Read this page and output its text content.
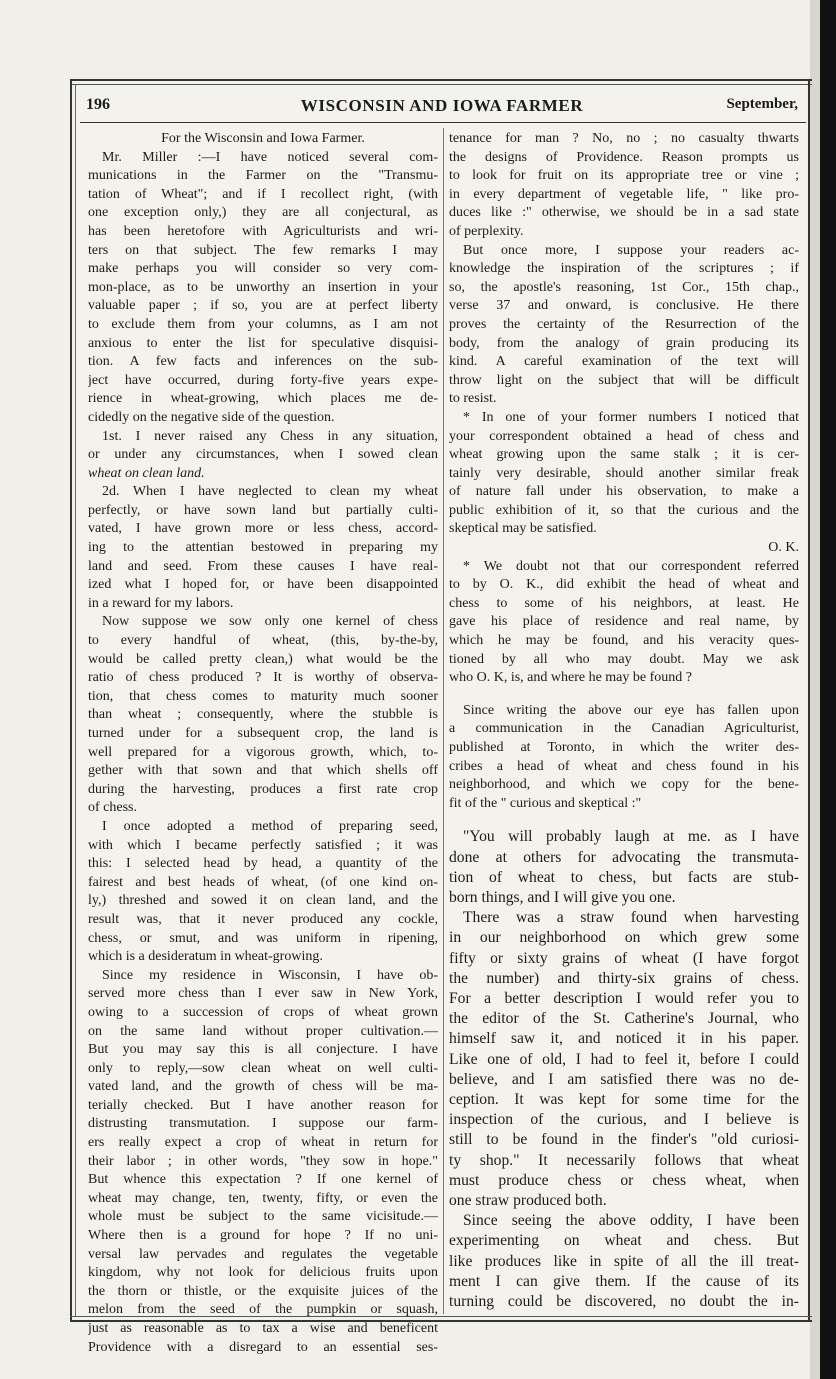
196	WISCONSIN AND IOWA FARMER	September,
For the Wisconsin and Iowa Farmer.
Mr. Miller :—I have noticed several com-
munications in the Farmer on the "Transmu-
tation of Wheat"; and if I recollect right, (with
one exception only,) they are all conjectural, as
has been heretofore with Agriculturists and wri-
ters on that subject. The few remarks I may
make perhaps you will consider so very com-
mon-place, as to be unworthy an insertion in your
valuable paper ; if so, you are at perfect liberty
to exclude them from your columns, as I am not
anxious to enter the list for speculative disquisi-
tion. A few facts and inferences on the sub-
ject have occurred, during forty-five years expe-
rience in wheat-growing, which places me de-
cidedly on the negative side of the question.
1st. I never raised any Chess in any situation,
or under any circumstances, when I sowed clean
wheat on clean land.
2d. When I have neglected to clean my wheat
perfectly, or have sown land but partially culti-
vated, I have grown more or less chess, accord-
ing to the attentian bestowed in preparing my
land and seed. From these causes I have real-
ized what I hoped for, or have been disappointed
in a reward for my labors.
Now suppose we sow only one kernel of chess
to every handful of wheat, (this, by-the-by,
would be called pretty clean,) what would be the
ratio of chess produced ? It is worthy of observa-
tion, that chess comes to maturity much sooner
than wheat ; consequently, where the stubble is
turned under for a subsequent crop, the land is
well prepared for a vigorous growth, which, to-
gether with that sown and that which shells off
during the harvesting, produces a first rate crop
of chess.
I once adopted a method of preparing seed,
with which I became perfectly satisfied ; it was
this: I selected head by head, a quantity of the
fairest and best heads of wheat, (of one kind on-
ly,) threshed and sowed it on clean land, and the
result was, that it never produced any cockle,
chess, or smut, and was uniform in ripening,
which is a desideratum in wheat-growing.
Since my residence in Wisconsin, I have ob-
served more chess than I ever saw in New York,
owing to a succession of crops of wheat grown
on the same land without proper cultivation.—
But you may say this is all conjecture. I have
only to reply,—sow clean wheat on well culti-
vated land, and the growth of chess will be ma-
terially checked. But I have another reason for
distrusting transmutation. I suppose our farm-
ers really expect a crop of wheat in return for
their labor ; in other words, "they sow in hope."
But whence this expectation ? If one kernel of
wheat may change, ten, twenty, fifty, or even the
whole must be subject to the same vicisitude.—
Where then is a ground for hope ? If no uni-
versal law pervades and regulates the vegetable
kingdom, why not look for delicious fruits upon
the thorn or thistle, or the exquisite juices of the
melon from the seed of the pumpkin or squash,
just as reasonable as to tax a wise and beneficent
Providence with a disregard to an essential ses-
tenance for man ? No, no ; no casualty thwarts
the designs of Providence. Reason prompts us
to look for fruit on its appropriate tree or vine ;
in every department of vegetable life, " like pro-
duces like :" otherwise, we should be in a sad state
of perplexity.
But once more, I suppose your readers ac-
knowledge the inspiration of the scriptures ; if
so, the apostle's reasoning, 1st Cor., 15th chap.,
verse 37 and onward, is conclusive. He there
proves the certainty of the Resurrection of the
body, from the analogy of grain producing its
kind. A careful examination of the text will
throw light on the subject that will be difficult
to resist.
* In one of your former numbers I noticed that
your correspondent obtained a head of chess and
wheat growing upon the same stalk ; it is cer-
tainly very desirable, should another similar freak
of nature fall under his observation, to make a
public exhibition of it, so that the curious and the
skeptical may be satisfied.
O. K.
* We doubt not that our correspondent referred
to by O. K., did exhibit the head of wheat and
chess to some of his neighbors, at least. He
gave his place of residence and real name, by
which he may be found, and his veracity ques-
tioned by all who may doubt. May we ask
who O. K, is, and where he may be found ?
Since writing the above our eye has fallen upon
a communication in the Canadian Agriculturist,
published at Toronto, in which the writer des-
cribes a head of wheat and chess found in his
neighborhood, and which we copy for the bene-
fit of the " curious and skeptical :"
"You will probably laugh at me. as I have
done at others for advocating the transmuta-
tion of wheat to chess, but facts are stub-
born things, and I will give you one.
There was a straw found when harvesting
in our neighborhood on which grew some
fifty or sixty grains of wheat (I have forgot
the number) and thirty-six grains of chess.
For a better description I would refer you to
the editor of the St. Catherine's Journal, who
himself saw it, and noticed it in his paper.
Like one of old, I had to feel it, before I could
believe, and I am satisfied there was no de-
ception. It was kept for some time for the
inspection of the curious, and I believe is
still to be found in the finder's "old curiosi-
ty shop." It necessarily follows that wheat
must produce chess or chess wheat, when
one straw produced both.
Since seeing the above oddity, I have been
experimenting on wheat and chess. But
like produces like in spite of all the ill treat-
ment I can give them. If the cause of its
turning could be discovered, no doubt the in-
